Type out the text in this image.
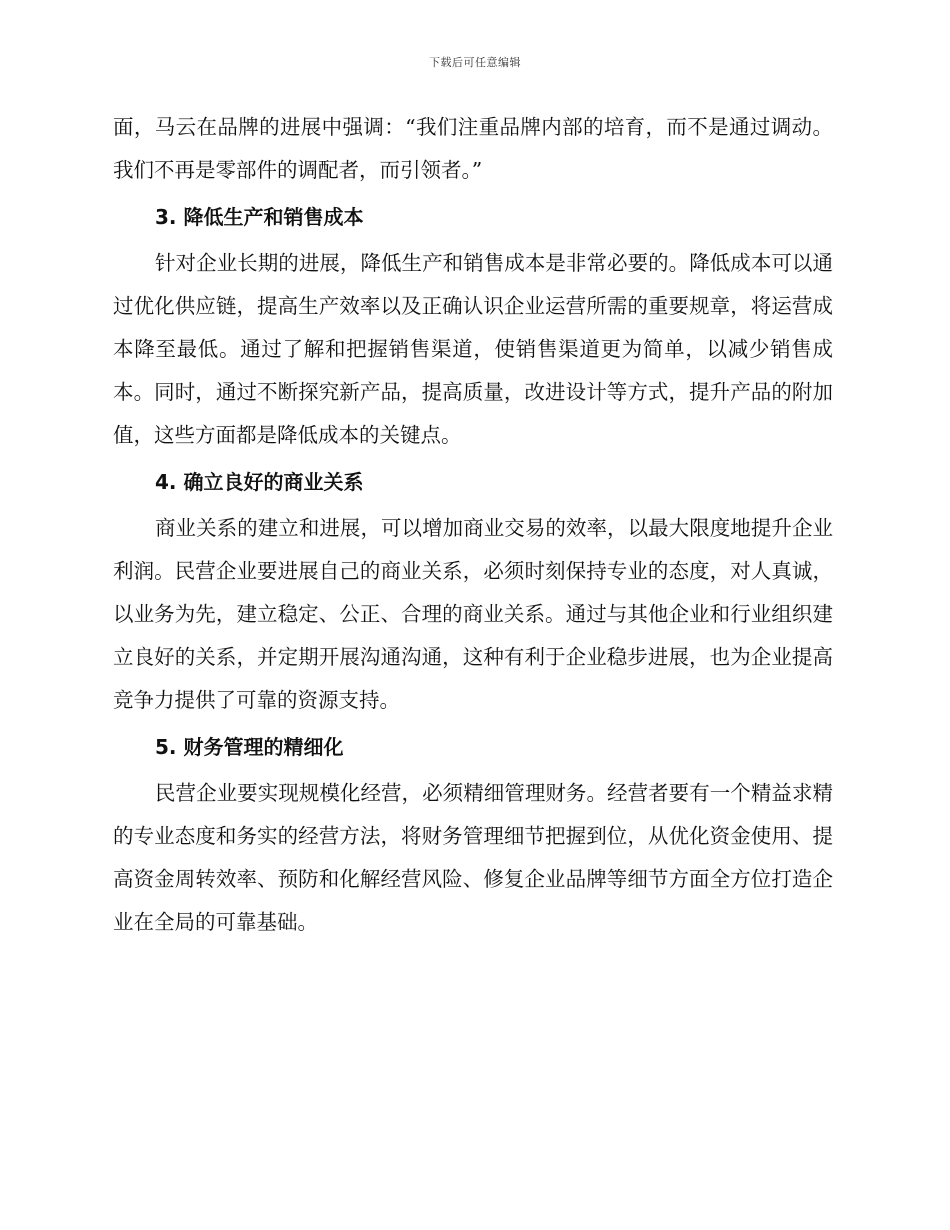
下载后可任意编辑

面，马云在品牌的进展中强调：“我们注重品牌内部的培育，而不是通过调动。我们不再是零部件的调配者，而引领者。”

3. 降低生产和销售成本

针对企业长期的进展，降低生产和销售成本是非常必要的。降低成本可以通过优化供应链，提高生产效率以及正确认识企业运营所需的重要规章，将运营成本降至最低。通过了解和把握销售渠道，使销售渠道更为简单，以减少销售成本。同时，通过不断探究新产品，提高质量，改进设计等方式，提升产品的附加值，这些方面都是降低成本的关键点。

4. 确立良好的商业关系

商业关系的建立和进展，可以增加商业交易的效率，以最大限度地提升企业利润。民营企业要进展自己的商业关系，必须时刻保持专业的态度，对人真诚，以业务为先，建立稳定、公正、合理的商业关系。通过与其他企业和行业组织建立良好的关系，并定期开展沟通沟通，这种有利于企业稳步进展，也为企业提高竞争力提供了可靠的资源支持。

5. 财务管理的精细化

民营企业要实现规模化经营，必须精细管理财务。经营者要有一个精益求精的专业态度和务实的经营方法，将财务管理细节把握到位，从优化资金使用、提高资金周转效率、预防和化解经营风险、修复企业品牌等细节方面全方位打造企业在全局的可靠基础。
